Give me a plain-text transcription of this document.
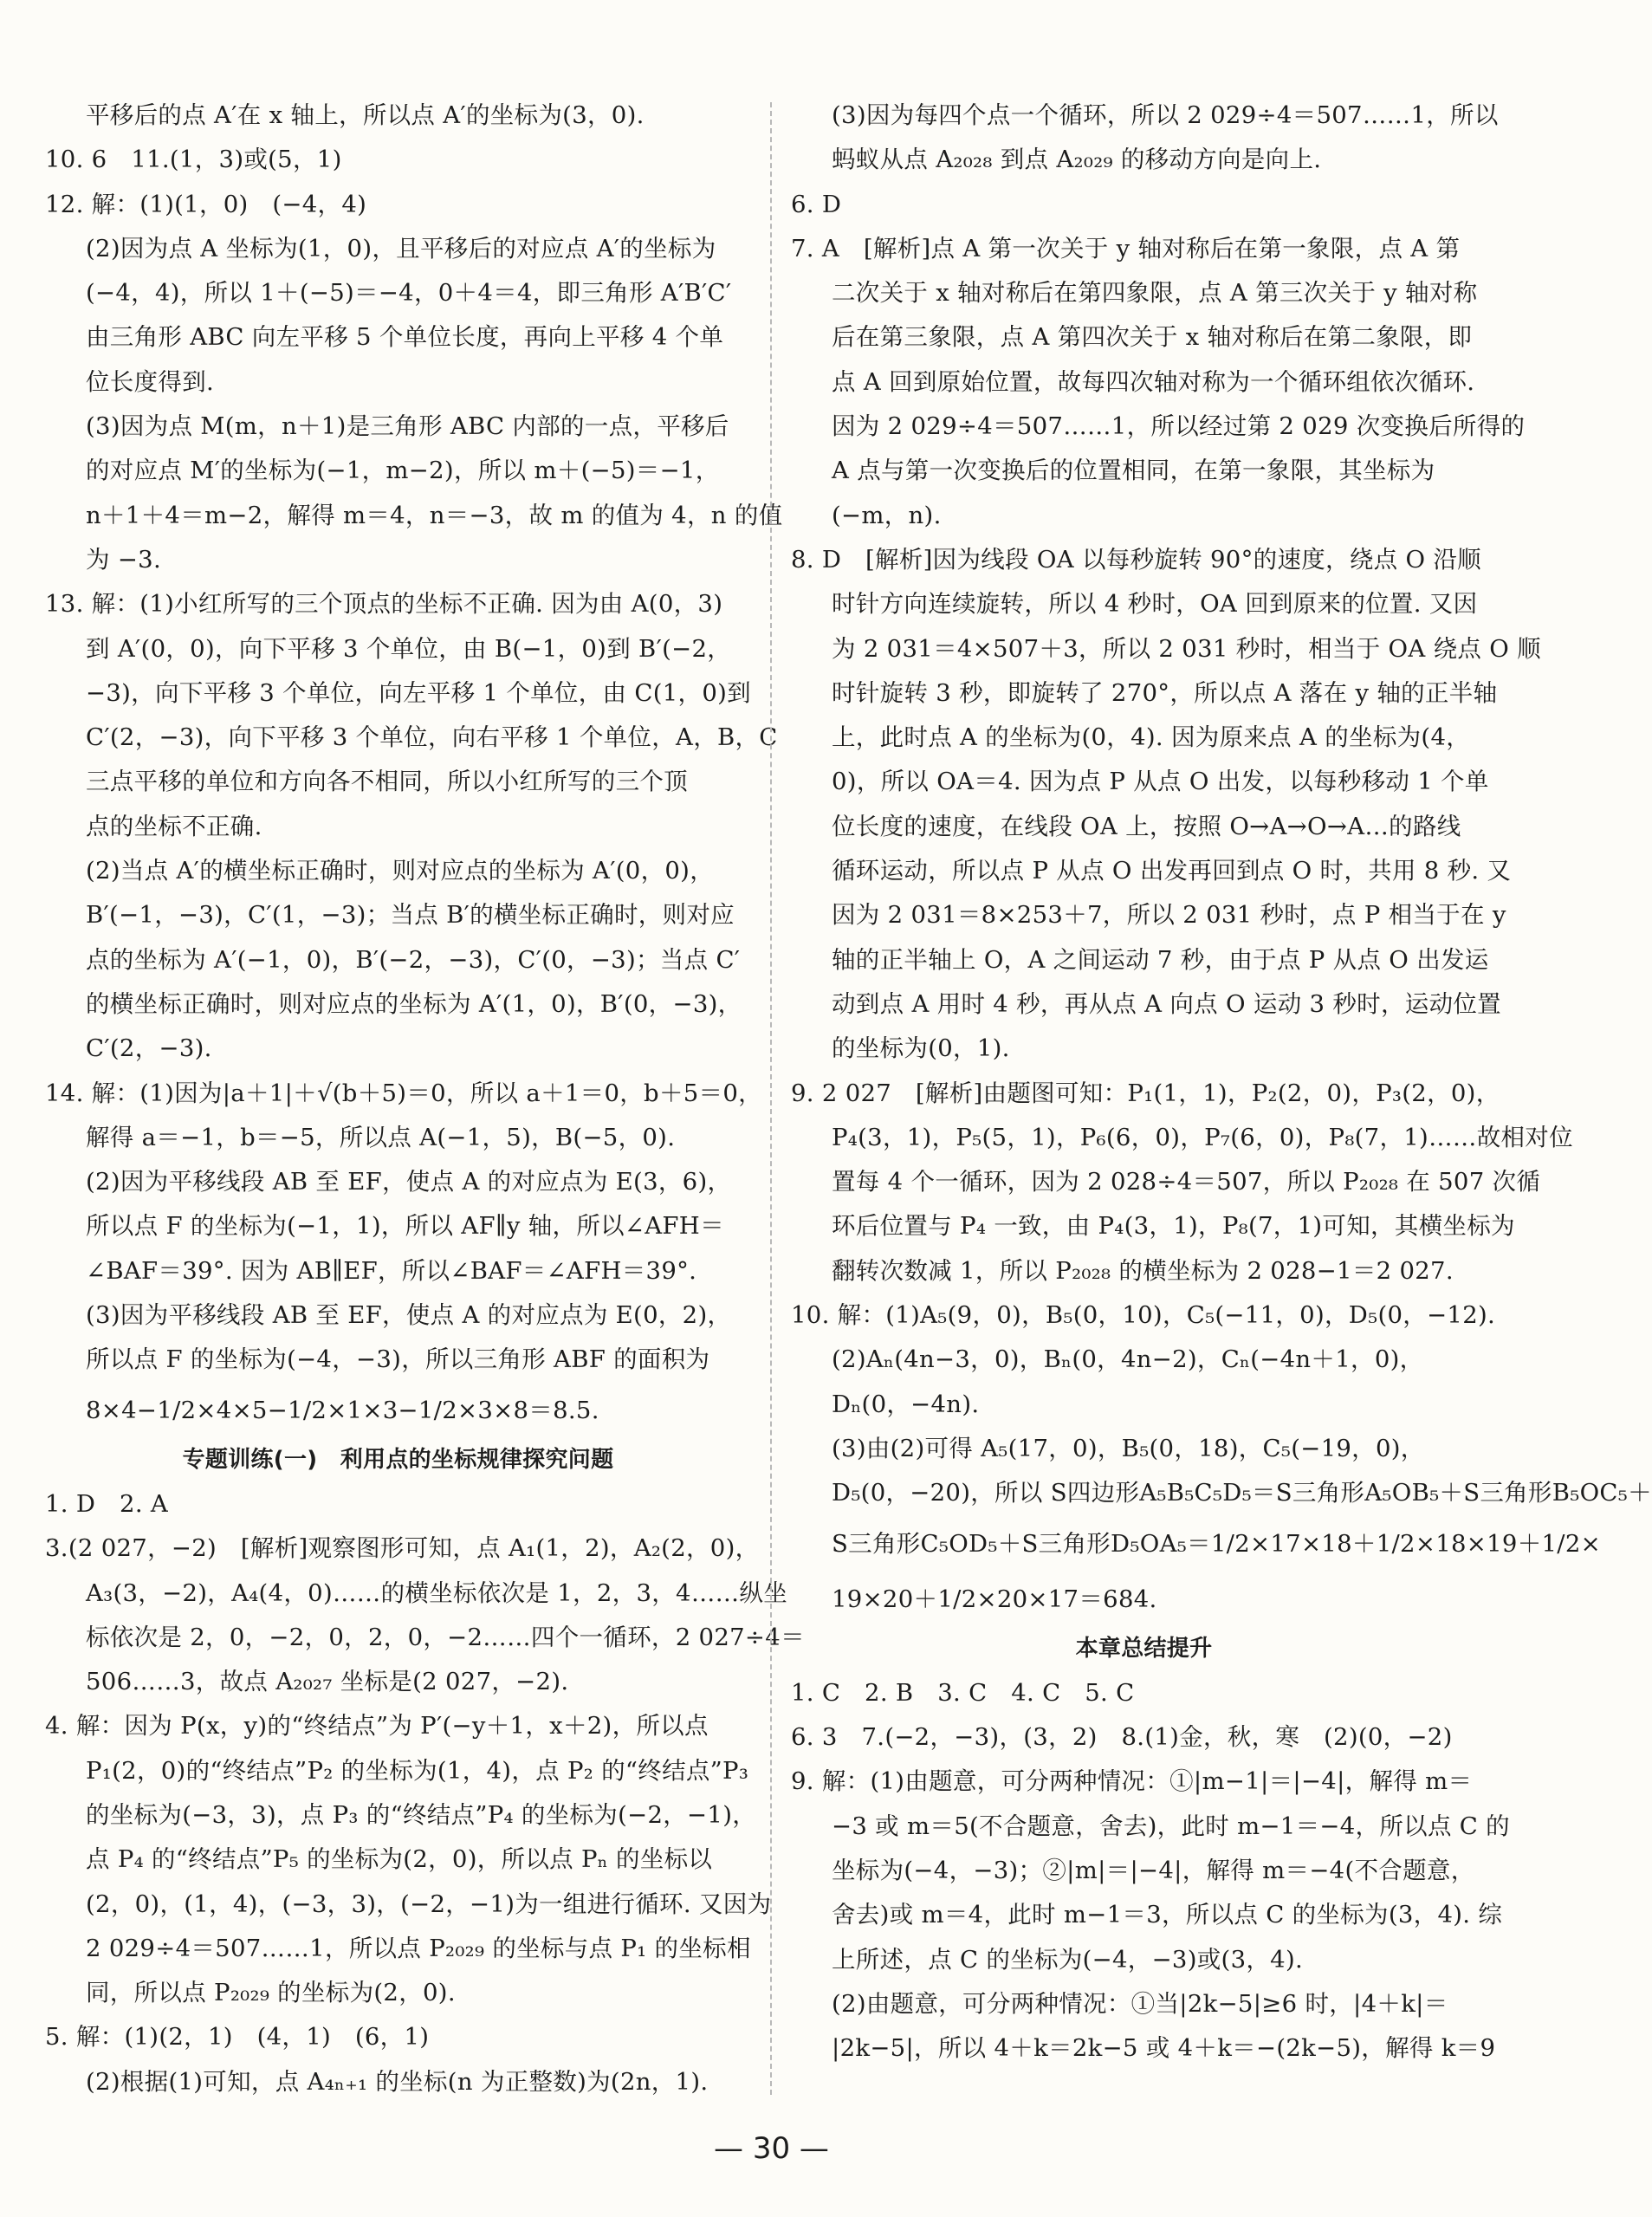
平移后的点 A′在 x 轴上，所以点 A′的坐标为(3，0).

10. 6　11.(1，3)或(5，1)

12. 解：(1)(1，0)　(−4，4)

(2)因为点 A 坐标为(1，0)，且平移后的对应点 A′的坐标为

(−4，4)，所以 1＋(−5)＝−4，0＋4＝4，即三角形 A′B′C′

由三角形 ABC 向左平移 5 个单位长度，再向上平移 4 个单

位长度得到.

(3)因为点 M(m，n＋1)是三角形 ABC 内部的一点，平移后

的对应点 M′的坐标为(−1，m−2)，所以 m＋(−5)＝−1，

n＋1＋4＝m−2，解得 m＝4，n＝−3，故 m 的值为 4，n 的值

为 −3.

13. 解：(1)小红所写的三个顶点的坐标不正确. 因为由 A(0，3)

到 A′(0，0)，向下平移 3 个单位，由 B(−1，0)到 B′(−2，

−3)，向下平移 3 个单位，向左平移 1 个单位，由 C(1，0)到

C′(2，−3)，向下平移 3 个单位，向右平移 1 个单位，A，B，C

三点平移的单位和方向各不相同，所以小红所写的三个顶

点的坐标不正确.

(2)当点 A′的横坐标正确时，则对应点的坐标为 A′(0，0)，

B′(−1，−3)，C′(1，−3)；当点 B′的横坐标正确时，则对应

点的坐标为 A′(−1，0)，B′(−2，−3)，C′(0，−3)；当点 C′

的横坐标正确时，则对应点的坐标为 A′(1，0)，B′(0，−3)，

C′(2，−3).

14. 解：(1)因为|a＋1|＋√(b＋5)＝0，所以 a＋1＝0，b＋5＝0，

解得 a＝−1，b＝−5，所以点 A(−1，5)，B(−5，0).

(2)因为平移线段 AB 至 EF，使点 A 的对应点为 E(3，6)，

所以点 F 的坐标为(−1，1)，所以 AF∥y 轴，所以∠AFH＝

∠BAF＝39°. 因为 AB∥EF，所以∠BAF＝∠AFH＝39°.

(3)因为平移线段 AB 至 EF，使点 A 的对应点为 E(0，2)，

所以点 F 的坐标为(−4，−3)，所以三角形 ABF 的面积为

8×4−1/2×4×5−1/2×1×3−1/2×3×8＝8.5.

专题训练(一)　利用点的坐标规律探究问题

1. D　2. A

3.(2 027，−2)　[解析]观察图形可知，点 A₁(1，2)，A₂(2，0)，

A₃(3，−2)，A₄(4，0)……的横坐标依次是 1，2，3，4……纵坐

标依次是 2，0，−2，0，2，0，−2……四个一循环，2 027÷4＝

506……3，故点 A₂₀₂₇ 坐标是(2 027，−2).

4. 解：因为 P(x，y)的“终结点”为 P′(−y＋1，x＋2)，所以点

P₁(2，0)的“终结点”P₂ 的坐标为(1，4)，点 P₂ 的“终结点”P₃

的坐标为(−3，3)，点 P₃ 的“终结点”P₄ 的坐标为(−2，−1)，

点 P₄ 的“终结点”P₅ 的坐标为(2，0)，所以点 Pₙ 的坐标以

(2，0)，(1，4)，(−3，3)，(−2，−1)为一组进行循环. 又因为

2 029÷4＝507……1，所以点 P₂₀₂₉ 的坐标与点 P₁ 的坐标相

同，所以点 P₂₀₂₉ 的坐标为(2，0).

5. 解：(1)(2，1)　(4，1)　(6，1)

(2)根据(1)可知，点 A₄ₙ₊₁ 的坐标(n 为正整数)为(2n，1).

(3)因为每四个点一个循环，所以 2 029÷4＝507……1，所以

蚂蚁从点 A₂₀₂₈ 到点 A₂₀₂₉ 的移动方向是向上.

6. D

7. A　[解析]点 A 第一次关于 y 轴对称后在第一象限，点 A 第

二次关于 x 轴对称后在第四象限，点 A 第三次关于 y 轴对称

后在第三象限，点 A 第四次关于 x 轴对称后在第二象限，即

点 A 回到原始位置，故每四次轴对称为一个循环组依次循环.

因为 2 029÷4＝507……1，所以经过第 2 029 次变换后所得的

A 点与第一次变换后的位置相同，在第一象限，其坐标为

(−m，n).

8. D　[解析]因为线段 OA 以每秒旋转 90°的速度，绕点 O 沿顺

时针方向连续旋转，所以 4 秒时，OA 回到原来的位置. 又因

为 2 031＝4×507＋3，所以 2 031 秒时，相当于 OA 绕点 O 顺

时针旋转 3 秒，即旋转了 270°，所以点 A 落在 y 轴的正半轴

上，此时点 A 的坐标为(0，4). 因为原来点 A 的坐标为(4，

0)，所以 OA＝4. 因为点 P 从点 O 出发，以每秒移动 1 个单

位长度的速度，在线段 OA 上，按照 O→A→O→A…的路线

循环运动，所以点 P 从点 O 出发再回到点 O 时，共用 8 秒. 又

因为 2 031＝8×253＋7，所以 2 031 秒时，点 P 相当于在 y

轴的正半轴上 O，A 之间运动 7 秒，由于点 P 从点 O 出发运

动到点 A 用时 4 秒，再从点 A 向点 O 运动 3 秒时，运动位置

的坐标为(0，1).

9. 2 027　[解析]由题图可知：P₁(1，1)，P₂(2，0)，P₃(2，0)，

P₄(3，1)，P₅(5，1)，P₆(6，0)，P₇(6，0)，P₈(7，1)……故相对位

置每 4 个一循环，因为 2 028÷4＝507，所以 P₂₀₂₈ 在 507 次循

环后位置与 P₄ 一致，由 P₄(3，1)，P₈(7，1)可知，其横坐标为

翻转次数减 1，所以 P₂₀₂₈ 的横坐标为 2 028−1＝2 027.

10. 解：(1)A₅(9，0)，B₅(0，10)，C₅(−11，0)，D₅(0，−12).

(2)Aₙ(4n−3，0)，Bₙ(0，4n−2)，Cₙ(−4n＋1，0)，

Dₙ(0，−4n).

(3)由(2)可得 A₅(17，0)，B₅(0，18)，C₅(−19，0)，

D₅(0，−20)，所以 S四边形A₅B₅C₅D₅＝S三角形A₅OB₅＋S三角形B₅OC₅＋

S三角形C₅OD₅＋S三角形D₅OA₅＝1/2×17×18＋1/2×18×19＋1/2×

19×20＋1/2×20×17＝684.

本章总结提升

1. C　2. B　3. C　4. C　5. C

6. 3　7.(−2，−3)，(3，2)　8.(1)金，秋，寒　(2)(0，−2)

9. 解：(1)由题意，可分两种情况：①|m−1|＝|−4|，解得 m＝

−3 或 m＝5(不合题意，舍去)，此时 m−1＝−4，所以点 C 的

坐标为(−4，−3)；②|m|＝|−4|，解得 m＝−4(不合题意，

舍去)或 m＝4，此时 m−1＝3，所以点 C 的坐标为(3，4). 综

上所述，点 C 的坐标为(−4，−3)或(3，4).

(2)由题意，可分两种情况：①当|2k−5|≥6 时，|4＋k|＝

|2k−5|，所以 4＋k＝2k−5 或 4＋k＝−(2k−5)，解得 k＝9

— 30 —
